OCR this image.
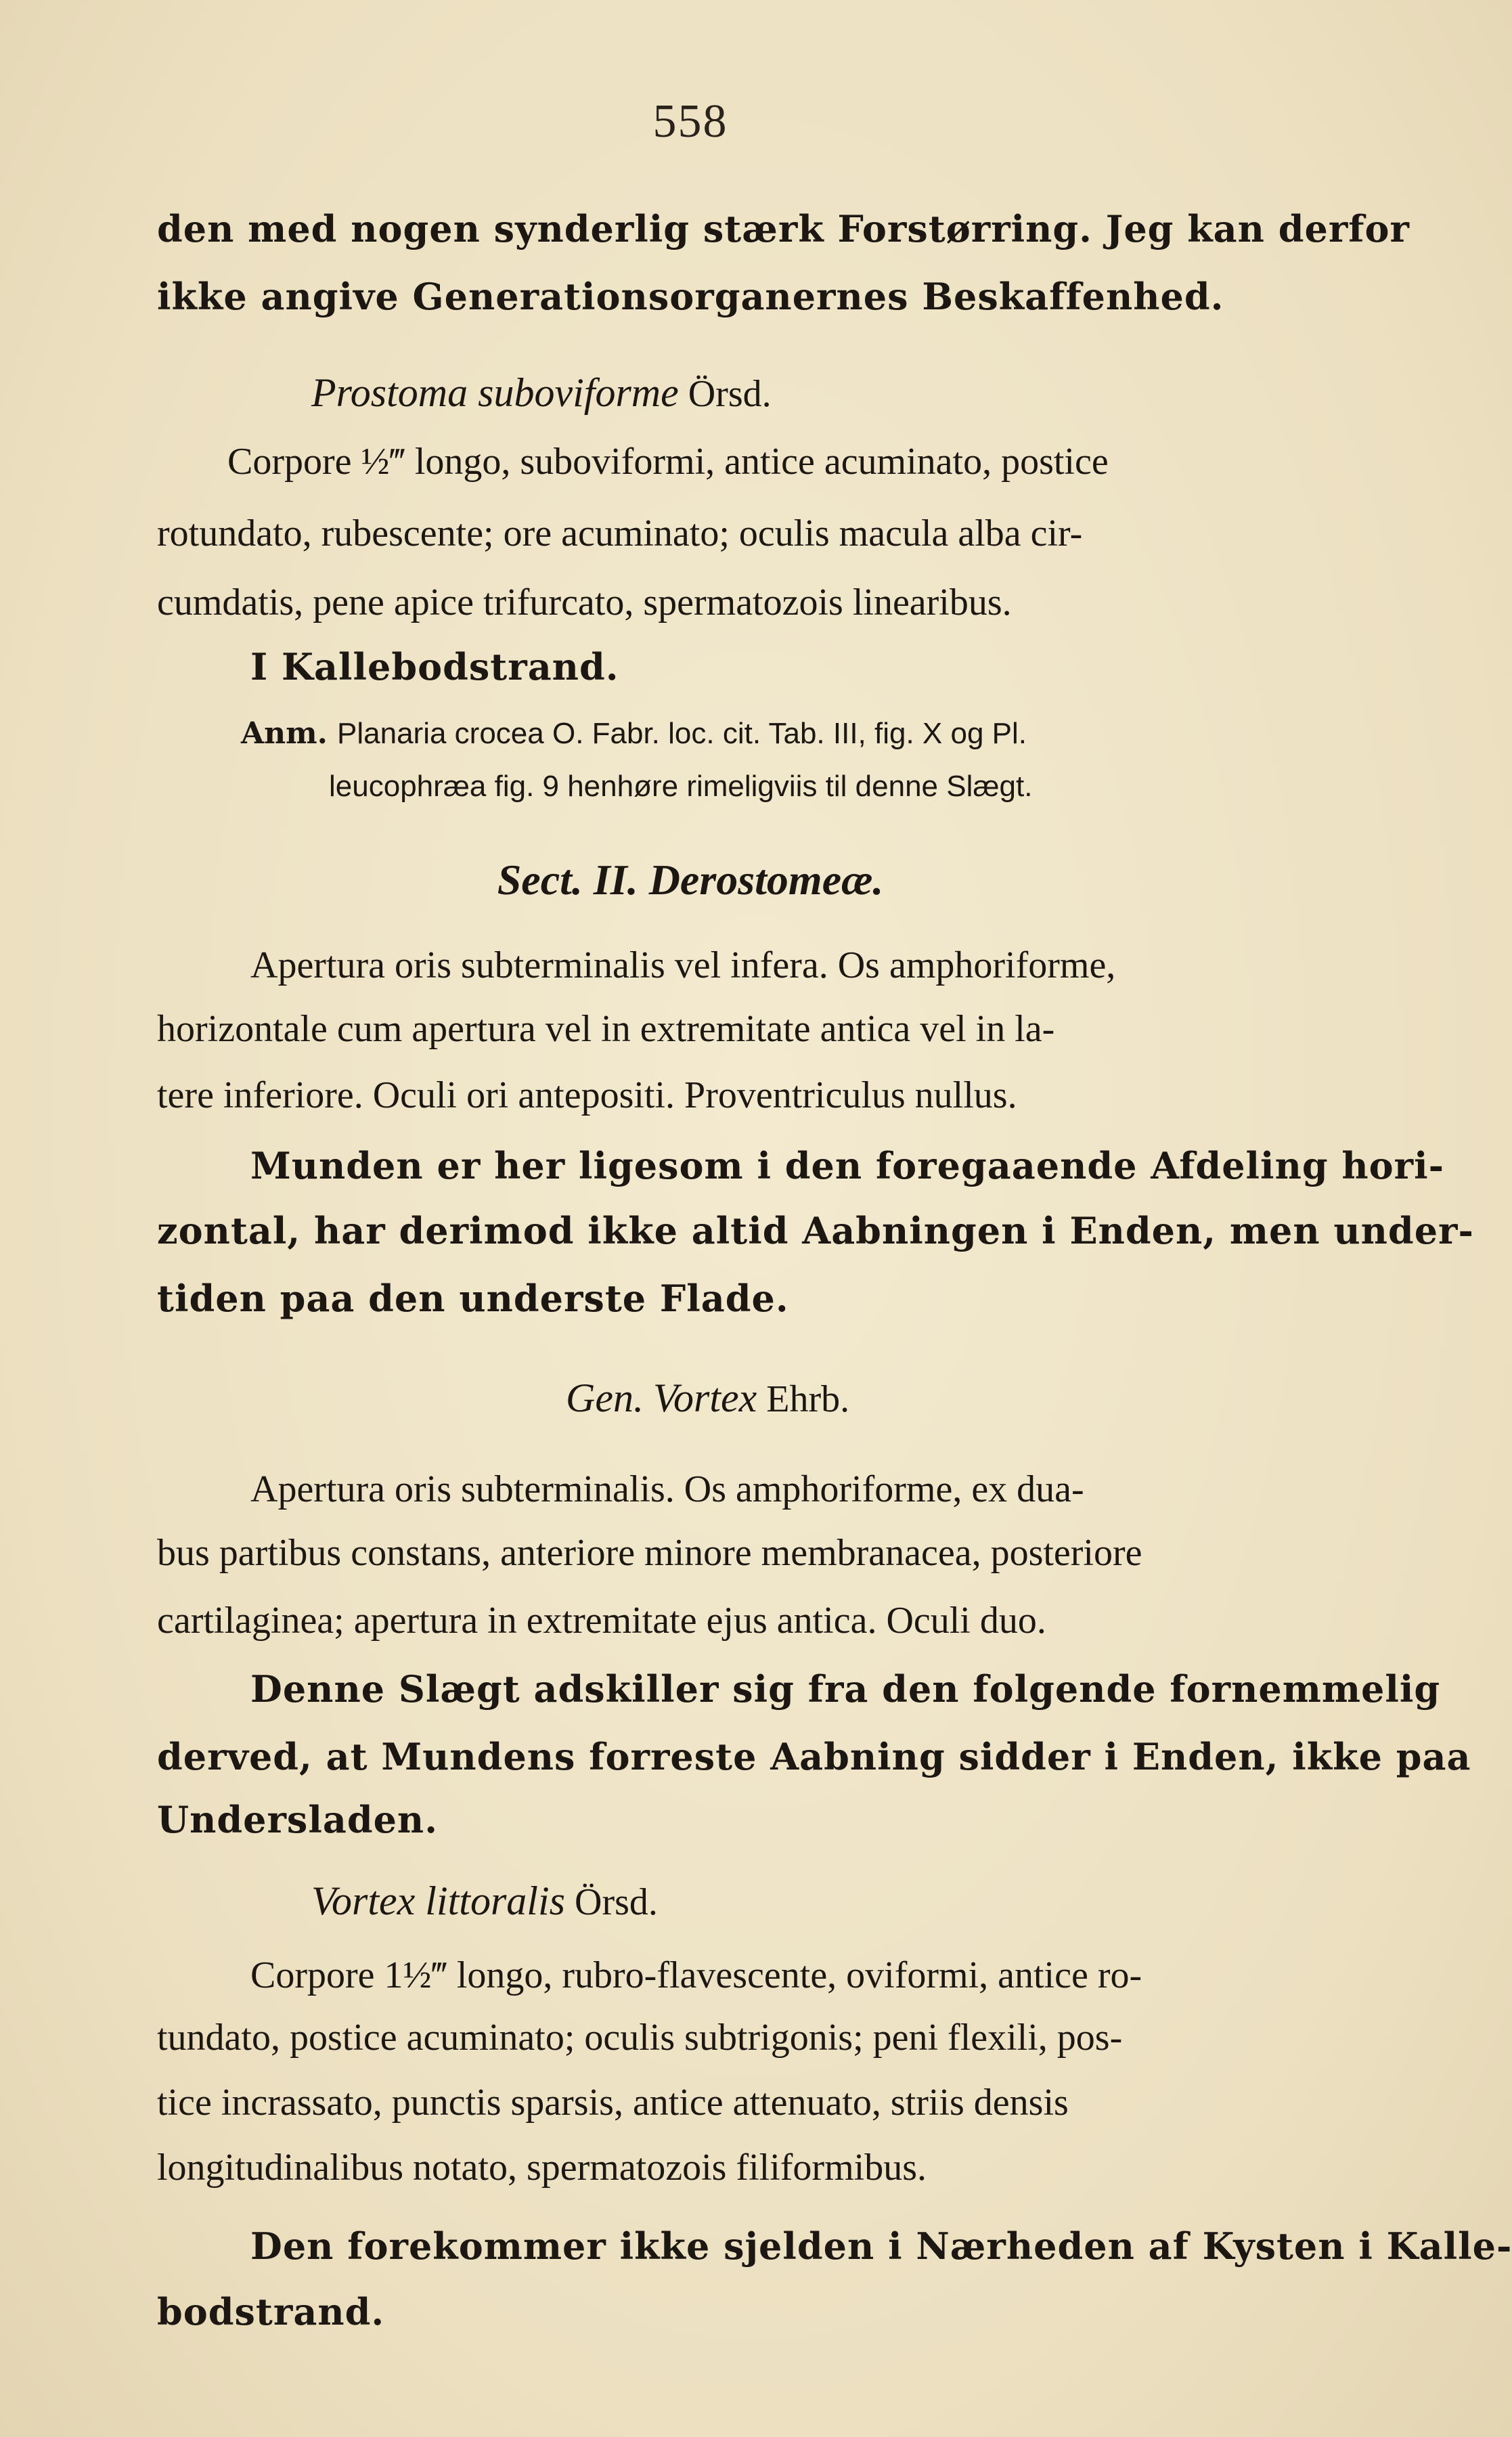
558
den med nogen synderlig stærk Forstørring. Jeg kan derfor
ikke angive Generationsorganernes Beskaffenhed.
Prostoma suboviforme Örsd.
Corpore ½‴ longo, suboviformi, antice acuminato, postice
rotundato, rubescente; ore acuminato; oculis macula alba cir-
cumdatis, pene apice trifurcato, spermatozois linearibus.
I Kallebodstrand.
Anm. Planaria crocea O. Fabr. loc. cit. Tab. III, fig. X og Pl.
leucophræa fig. 9 henhøre rimeligviis til denne Slægt.
Sect. II. Derostomeæ.
Apertura oris subterminalis vel infera. Os amphoriforme,
horizontale cum apertura vel in extremitate antica vel in la-
tere inferiore. Oculi ori antepositi. Proventriculus nullus.
Munden er her ligesom i den foregaaende Afdeling hori-
zontal, har derimod ikke altid Aabningen i Enden, men under-
tiden paa den underste Flade.
Gen. Vortex Ehrb.
Apertura oris subterminalis. Os amphoriforme, ex dua-
bus partibus constans, anteriore minore membranacea, posteriore
cartilaginea; apertura in extremitate ejus antica. Oculi duo.
Denne Slægt adskiller sig fra den folgende fornemmelig
derved, at Mundens forreste Aabning sidder i Enden, ikke paa
Undersladen.
Vortex littoralis Örsd.
Corpore 1½‴ longo, rubro-flavescente, oviformi, antice ro-
tundato, postice acuminato; oculis subtrigonis; peni flexili, pos-
tice incrassato, punctis sparsis, antice attenuato, striis densis
longitudinalibus notato, spermatozois filiformibus.
Den forekommer ikke sjelden i Nærheden af Kysten i Kalle-
bodstrand.
